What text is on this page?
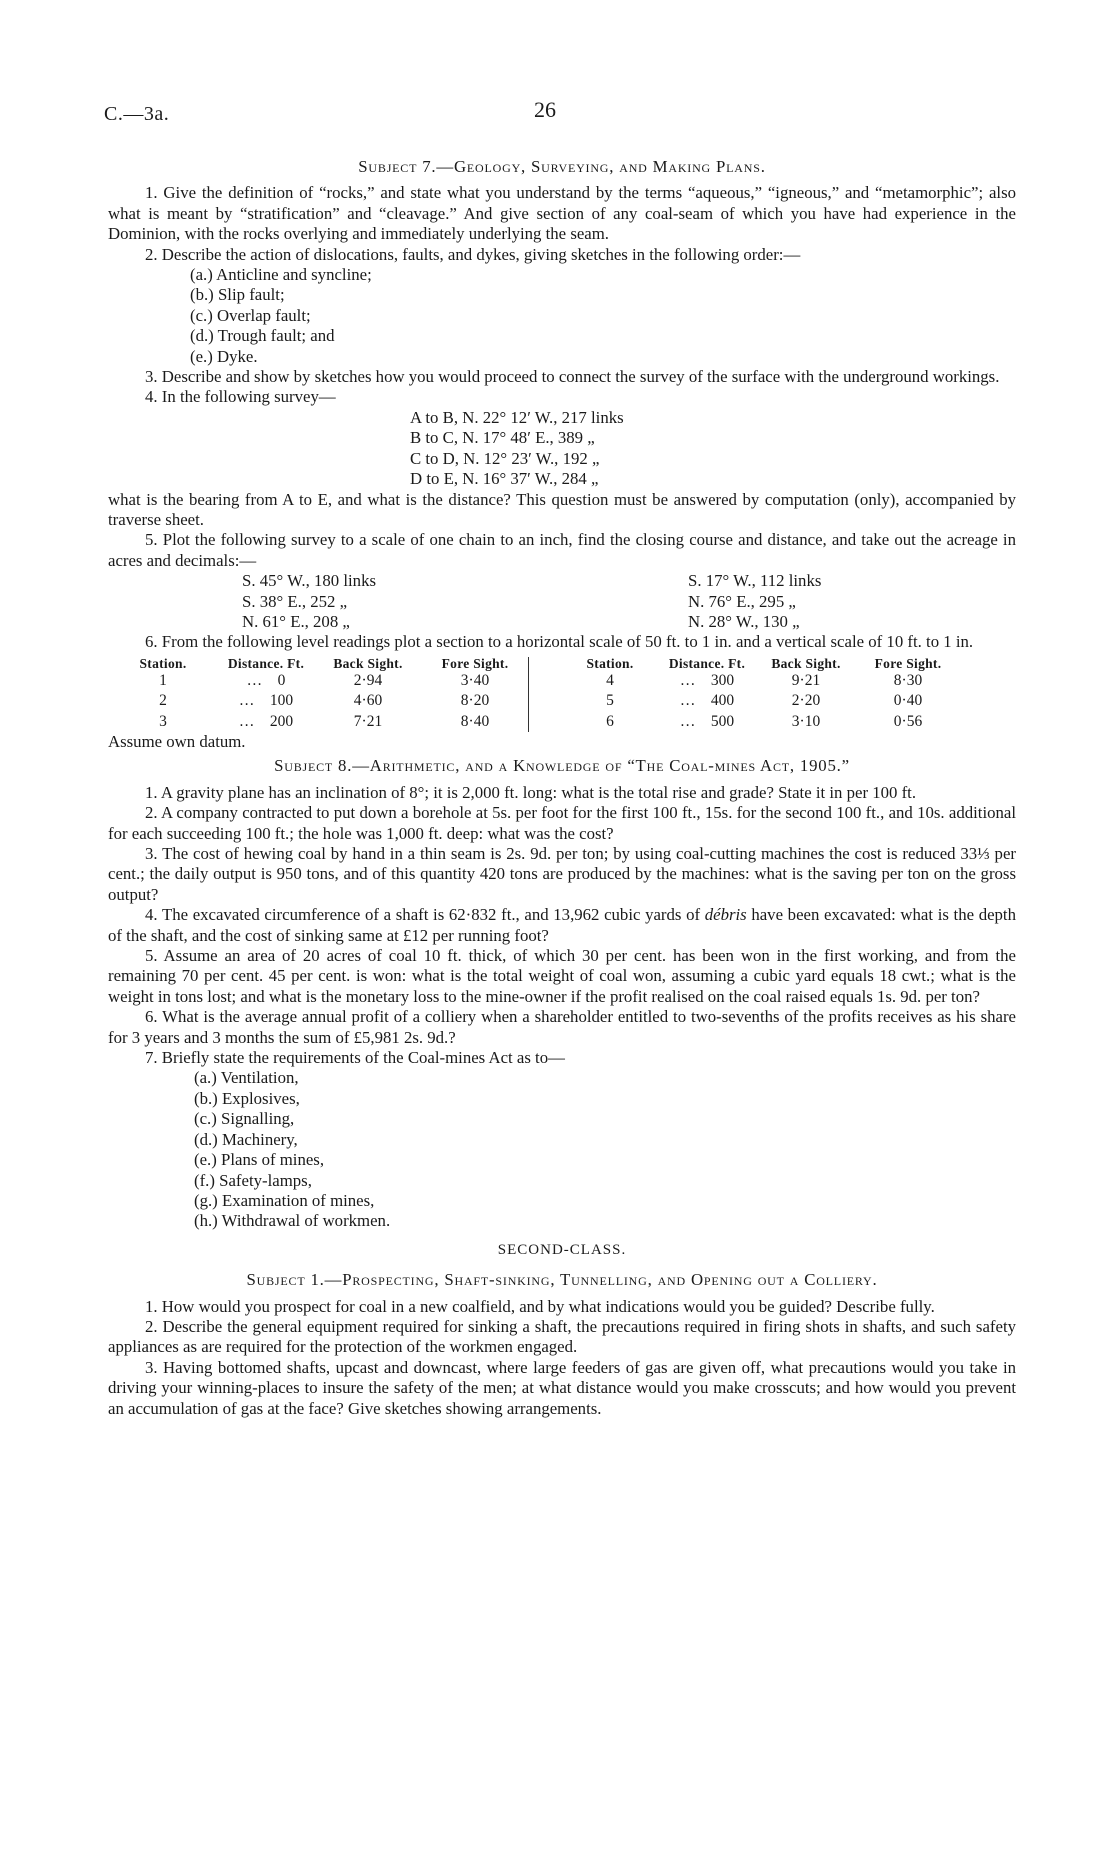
C.—3a.	26
Subject 7.—Geology, Surveying, and Making Plans.

1. Give the definition of “rocks,” and state what you understand by the terms “aqueous,” “igneous,” and “metamorphic”; also what is meant by “stratification” and “cleavage.” And give section of any coal-seam of which you have had experience in the Dominion, with the rocks overlying and immediately underlying the seam.

2. Describe the action of dislocations, faults, and dykes, giving sketches in the following order:—

(a.) Anticline and syncline;
(b.) Slip fault;
(c.) Overlap fault;
(d.) Trough fault; and
(e.) Dyke.

3. Describe and show by sketches how you would proceed to connect the survey of the surface with the underground workings.

4. In the following survey—

A to B, N. 22° 12′ W., 217 links
B to C, N. 17° 48′ E., 389 „
C to D, N. 12° 23′ W., 192 „
D to E, N. 16° 37′ W., 284 „

what is the bearing from A to E, and what is the distance? This question must be answered by computation (only), accompanied by traverse sheet.

5. Plot the following survey to a scale of one chain to an inch, find the closing course and distance, and take out the acreage in acres and decimals:—

S. 45° W., 180 links	S. 17° W., 112 links
S. 38° E., 252 „	N. 76° E., 295 „
N. 61° E., 208 „	N. 28° W., 130 „

6. From the following level readings plot a section to a horizontal scale of 50 ft. to 1 in. and a vertical scale of 10 ft. to 1 in.

Station.	Distance. Ft.	Back Sight.	Fore Sight.	Station.	Distance. Ft.	Back Sight.	Fore Sight.
1	… 0	2·94	3·40	4	… 300	9·21	8·30
2	… 100	4·60	8·20	5	… 400	2·20	0·40
3	… 200	7·21	8·40	6	… 500	3·10	0·56

Assume own datum.

Subject 8.—Arithmetic, and a Knowledge of “The Coal-mines Act, 1905.”

1. A gravity plane has an inclination of 8°; it is 2,000 ft. long: what is the total rise and grade? State it in per 100 ft.

2. A company contracted to put down a borehole at 5s. per foot for the first 100 ft., 15s. for the second 100 ft., and 10s. additional for each succeeding 100 ft.; the hole was 1,000 ft. deep: what was the cost?

3. The cost of hewing coal by hand in a thin seam is 2s. 9d. per ton; by using coal-cutting machines the cost is reduced 33⅓ per cent.; the daily output is 950 tons, and of this quantity 420 tons are produced by the machines: what is the saving per ton on the gross output?

4. The excavated circumference of a shaft is 62·832 ft., and 13,962 cubic yards of débris have been excavated: what is the depth of the shaft, and the cost of sinking same at £12 per running foot?

5. Assume an area of 20 acres of coal 10 ft. thick, of which 30 per cent. has been won in the first working, and from the remaining 70 per cent. 45 per cent. is won: what is the total weight of coal won, assuming a cubic yard equals 18 cwt.; what is the weight in tons lost; and what is the monetary loss to the mine-owner if the profit realised on the coal raised equals 1s. 9d. per ton?

6. What is the average annual profit of a colliery when a shareholder entitled to two-sevenths of the profits receives as his share for 3 years and 3 months the sum of £5,981 2s. 9d.?

7. Briefly state the requirements of the Coal-mines Act as to—

(a.) Ventilation,
(b.) Explosives,
(c.) Signalling,
(d.) Machinery,
(e.) Plans of mines,
(f.) Safety-lamps,
(g.) Examination of mines,
(h.) Withdrawal of workmen.
SECOND-CLASS.
Subject 1.—Prospecting, Shaft-sinking, Tunnelling, and Opening out a Colliery.

1. How would you prospect for coal in a new coalfield, and by what indications would you be guided? Describe fully.

2. Describe the general equipment required for sinking a shaft, the precautions required in firing shots in shafts, and such safety appliances as are required for the protection of the workmen engaged.

3. Having bottomed shafts, upcast and downcast, where large feeders of gas are given off, what precautions would you take in driving your winning-places to insure the safety of the men; at what distance would you make crosscuts; and how would you prevent an accumulation of gas at the face? Give sketches showing arrangements.
